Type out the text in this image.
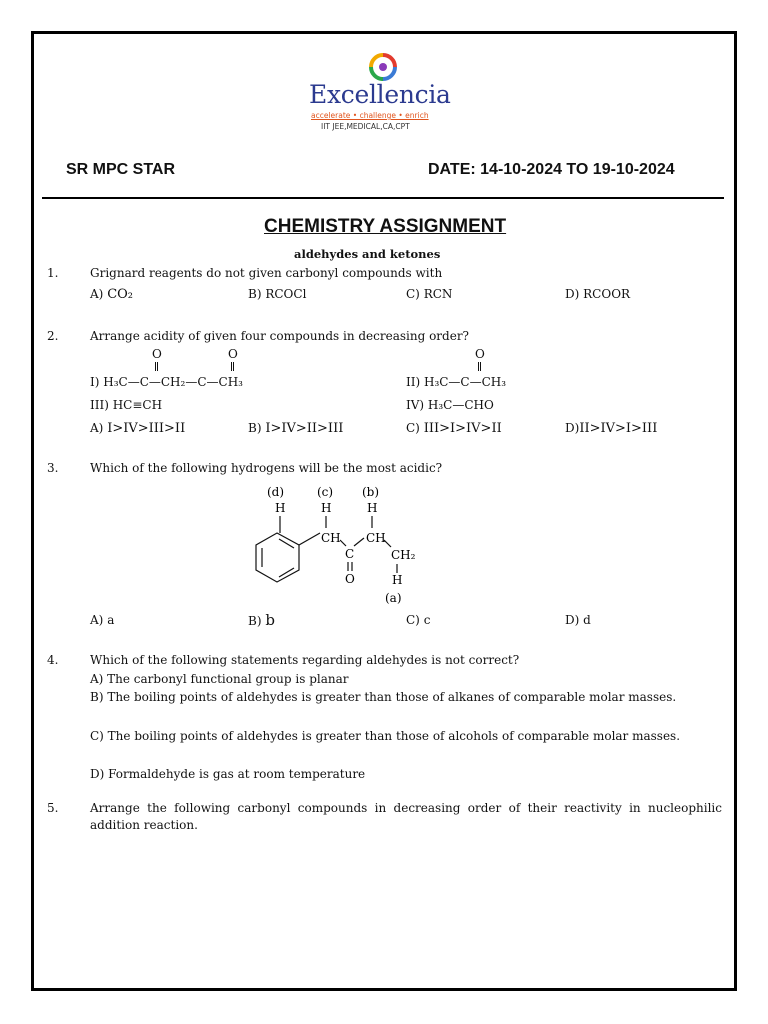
Excellencia
accelerate • challenge • enrich
IIT JEE,MEDICAL,CA,CPT
SR MPC STAR	DATE: 14-10-2024 TO 19-10-2024
CHEMISTRY ASSIGNMENT
aldehydes and ketones
1.	Grignard reagents do not given carbonyl compounds with
A) CO₂	B) RCOCl	C) RCN	D) RCOOR
2.	Arrange acidity of given four compounds in decreasing order?
O	O
I) H₃C—C—CH₂—C—CH₃
O
II) H₃C—C—CH₃
III) HC≡CH	IV) H₃C—CHO
A) I>IV>III>II	B) I>IV>II>III	C) III>I>IV>II	D)II>IV>I>III
3.	Which of the following hydrogens will be the most acidic?
H
(d)
CH
H
(c)
C
O
CH
H
(b)
CH₂
H
(a)
A) a	B) b	C) c	D) d
4.	Which of the following statements regarding aldehydes is not correct?
A) The carbonyl functional group is planar
B) The boiling points of aldehydes is greater than those of alkanes of comparable molar masses.
C) The boiling points of aldehydes is greater than those of alcohols of comparable molar masses.
D) Formaldehyde is gas at room temperature
5.	Arrange the following carbonyl compounds in decreasing order of their reactivity in nucleophilic addition reaction.
